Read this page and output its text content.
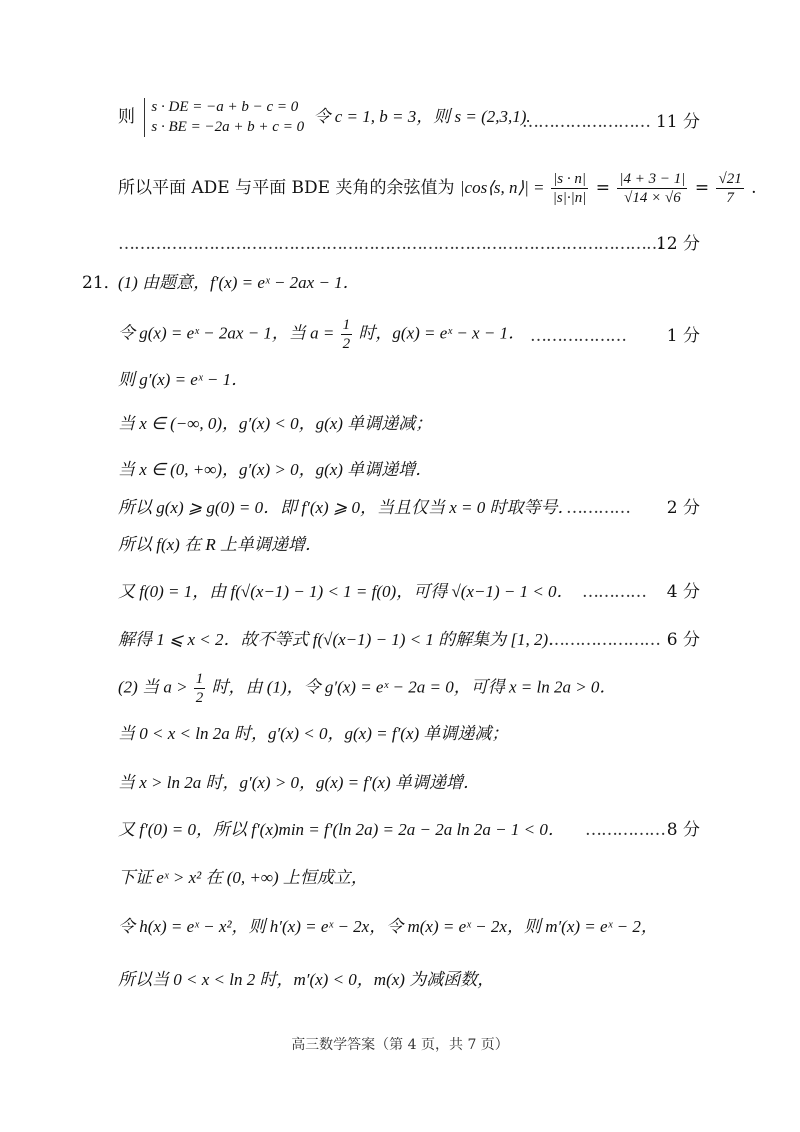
则 s · DE = −a + b − c = 0
s · BE = −2a + b + c = 0
令 c = 1, b = 3，则 s = (2,3,1).
…………………… 11 分
所以平面 ADE 与平面 BDE 夹角的余弦值为 |cos⟨s, n⟩| = $\frac{|s \cdot n|}{|s|\cdot|n|} = \frac{|4 + 3 - 1|}{√14 \times √6} = \frac{√21}{7}$ .
…………………………………………………………………………………………
12 分
21．
(1) 由题意，f′(x) = eˣ − 2ax − 1．
令 g(x) = eˣ − 2ax − 1，当 $a = \frac{1}{2}$ 时，g(x) = eˣ − x − 1． ……………… 1 分
则 g′(x) = eˣ − 1．
当 x ∈ (−∞, 0)，g′(x) < 0，g(x) 单调递减；
当 x ∈ (0, +∞)，g′(x) > 0，g(x) 单调递增．
所以 g(x) ⩾ g(0) = 0．即 f′(x) ⩾ 0，当且仅当 x = 0 时取等号．
………… 2 分
所以 f(x) 在 R 上单调递增．
又 f(0) = 1，由 f(√(x−1) − 1) < 1 = f(0)，可得 √(x−1) − 1 < 0． ………… 4 分
解得 1 ⩽ x < 2．故不等式 f(√(x−1) − 1) < 1 的解集为 [1, 2)．
………………… 6 分
(2) 当 $a > \frac{1}{2}$ 时，由 (1)，令 g′(x) = eˣ − 2a = 0，可得 x = ln 2a > 0．
当 0 < x < ln 2a 时，g′(x) < 0，g(x) = f′(x) 单调递减；
当 x > ln 2a 时，g′(x) > 0，g(x) = f′(x) 单调递增．
又 f′(0) = 0，所以 f′(x)min = f′(ln 2a) = 2a − 2a ln 2a − 1 < 0． …………… 8 分
下证 eˣ > x² 在 (0, +∞) 上恒成立，
令 h(x) = eˣ − x²，则 h′(x) = eˣ − 2x，令 m(x) = eˣ − 2x，则 m′(x) = eˣ − 2，
所以当 0 < x < ln 2 时，m′(x) < 0，m(x) 为减函数，
高三数学答案（第 4 页，共 7 页）
